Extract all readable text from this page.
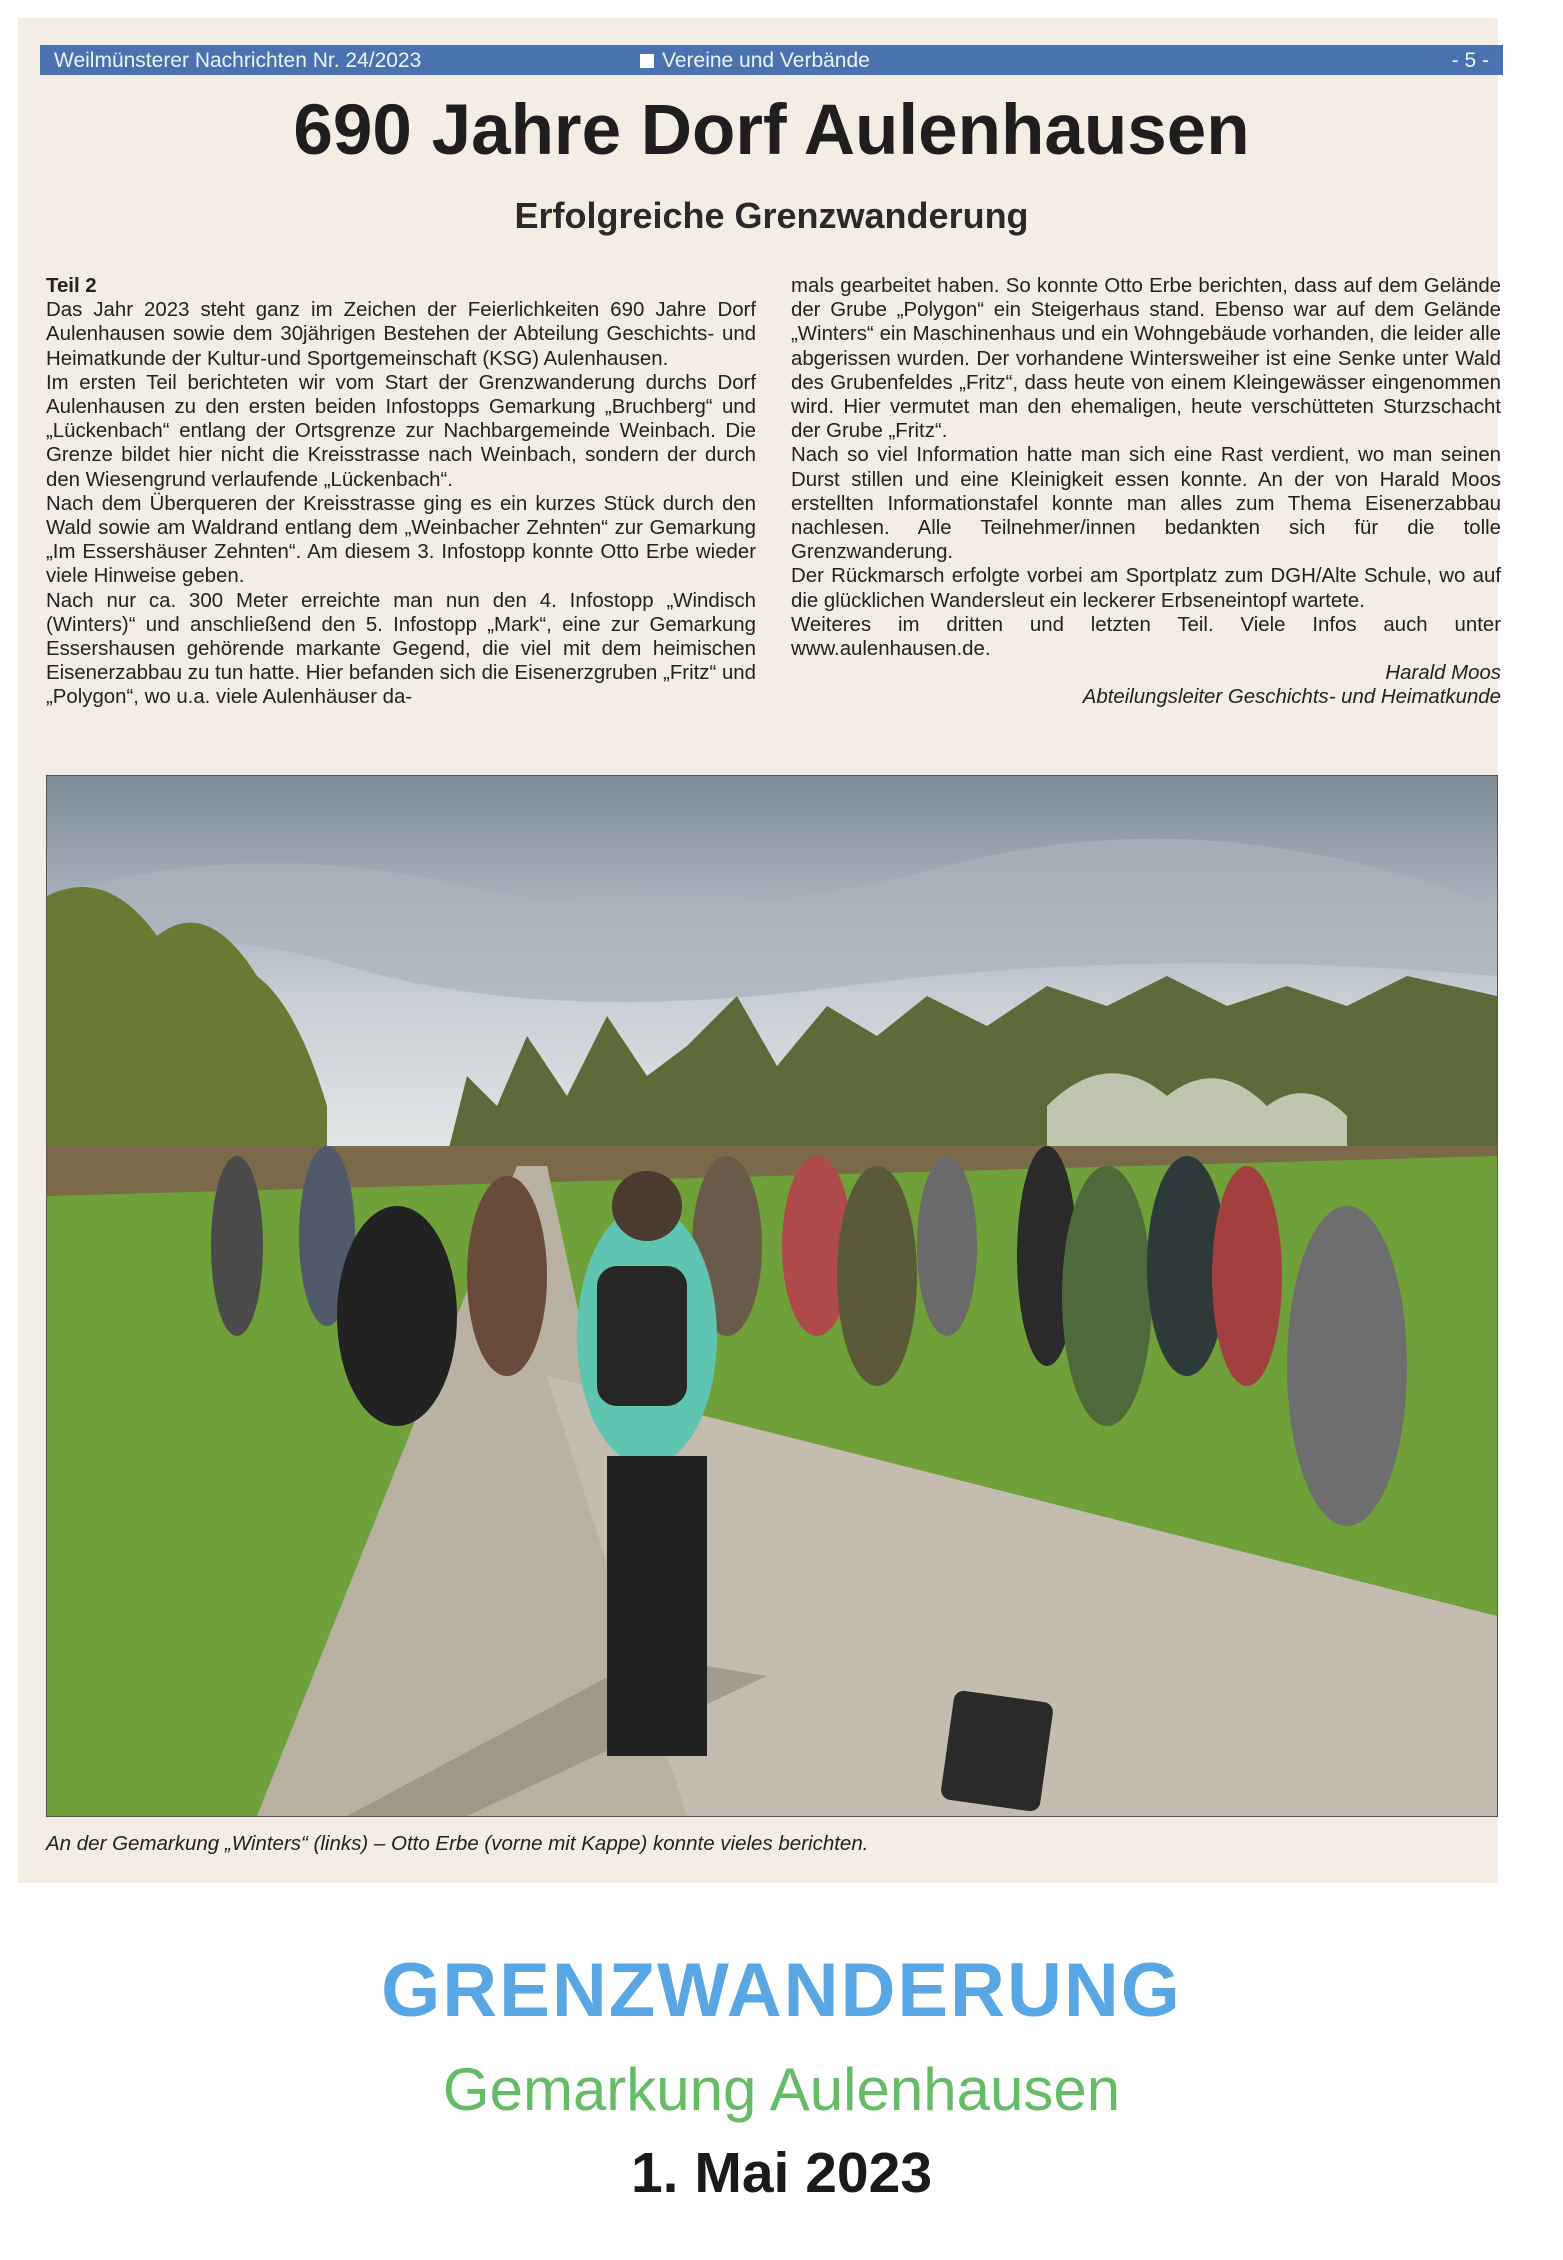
Weilmünsterer Nachrichten Nr. 24/2023	Vereine und Verbände	- 5 -
690 Jahre Dorf Aulenhausen
Erfolgreiche Grenzwanderung

Teil 2

Das Jahr 2023 steht ganz im Zeichen der Feierlichkeiten 690 Jahre Dorf Aulenhausen sowie dem 30jährigen Bestehen der Abteilung Geschichts- und Heimatkunde der Kultur-und Sportgemeinschaft (KSG) Aulenhausen.

Im ersten Teil berichteten wir vom Start der Grenzwanderung durchs Dorf Aulenhausen zu den ersten beiden Infostopps Gemarkung „Bruchberg“ und „Lückenbach“ entlang der Ortsgrenze zur Nachbargemeinde Weinbach. Die Grenze bildet hier nicht die Kreisstrasse nach Weinbach, sondern der durch den Wiesengrund verlaufende „Lückenbach“.

Nach dem Überqueren der Kreisstrasse ging es ein kurzes Stück durch den Wald sowie am Waldrand entlang dem „Weinbacher Zehnten“ zur Gemarkung „Im Essershäuser Zehnten“. Am diesem 3. Infostopp konnte Otto Erbe wieder viele Hinweise geben.

Nach nur ca. 300 Meter erreichte man nun den 4. Infostopp „Windisch (Winters)“ und anschließend den 5. Infostopp „Mark“, eine zur Gemarkung Essershausen gehörende markante Gegend, die viel mit dem heimischen Eisenerzabbau zu tun hatte. Hier befanden sich die Eisenerzgruben „Fritz“ und „Polygon“, wo u.a. viele Aulenhäuser da-

mals gearbeitet haben. So konnte Otto Erbe berichten, dass auf dem Gelände der Grube „Polygon“ ein Steigerhaus stand. Ebenso war auf dem Gelände „Winters“ ein Maschinenhaus und ein Wohngebäude vorhanden, die leider alle abgerissen wurden. Der vorhandene Wintersweiher ist eine Senke unter Wald des Grubenfeldes „Fritz“, dass heute von einem Kleingewässer eingenommen wird. Hier vermutet man den ehemaligen, heute verschütteten Sturzschacht der Grube „Fritz“.

Nach so viel Information hatte man sich eine Rast verdient, wo man seinen Durst stillen und eine Kleinigkeit essen konnte. An der von Harald Moos erstellten Informationstafel konnte man alles zum Thema Eisenerzabbau nachlesen. Alle Teilnehmer/innen bedankten sich für die tolle Grenzwanderung.

Der Rückmarsch erfolgte vorbei am Sportplatz zum DGH/Alte Schule, wo auf die glücklichen Wandersleut ein leckerer Erbseneintopf wartete.

Weiteres im dritten und letzten Teil. Viele Infos auch unter www.aulenhausen.de.

Harald Moos

Abteilungsleiter Geschichts- und Heimatkunde

An der Gemarkung „Winters“ (links) – Otto Erbe (vorne mit Kappe) konnte vieles berichten.
GRENZWANDERUNG
Gemarkung Aulenhausen
1. Mai 2023
